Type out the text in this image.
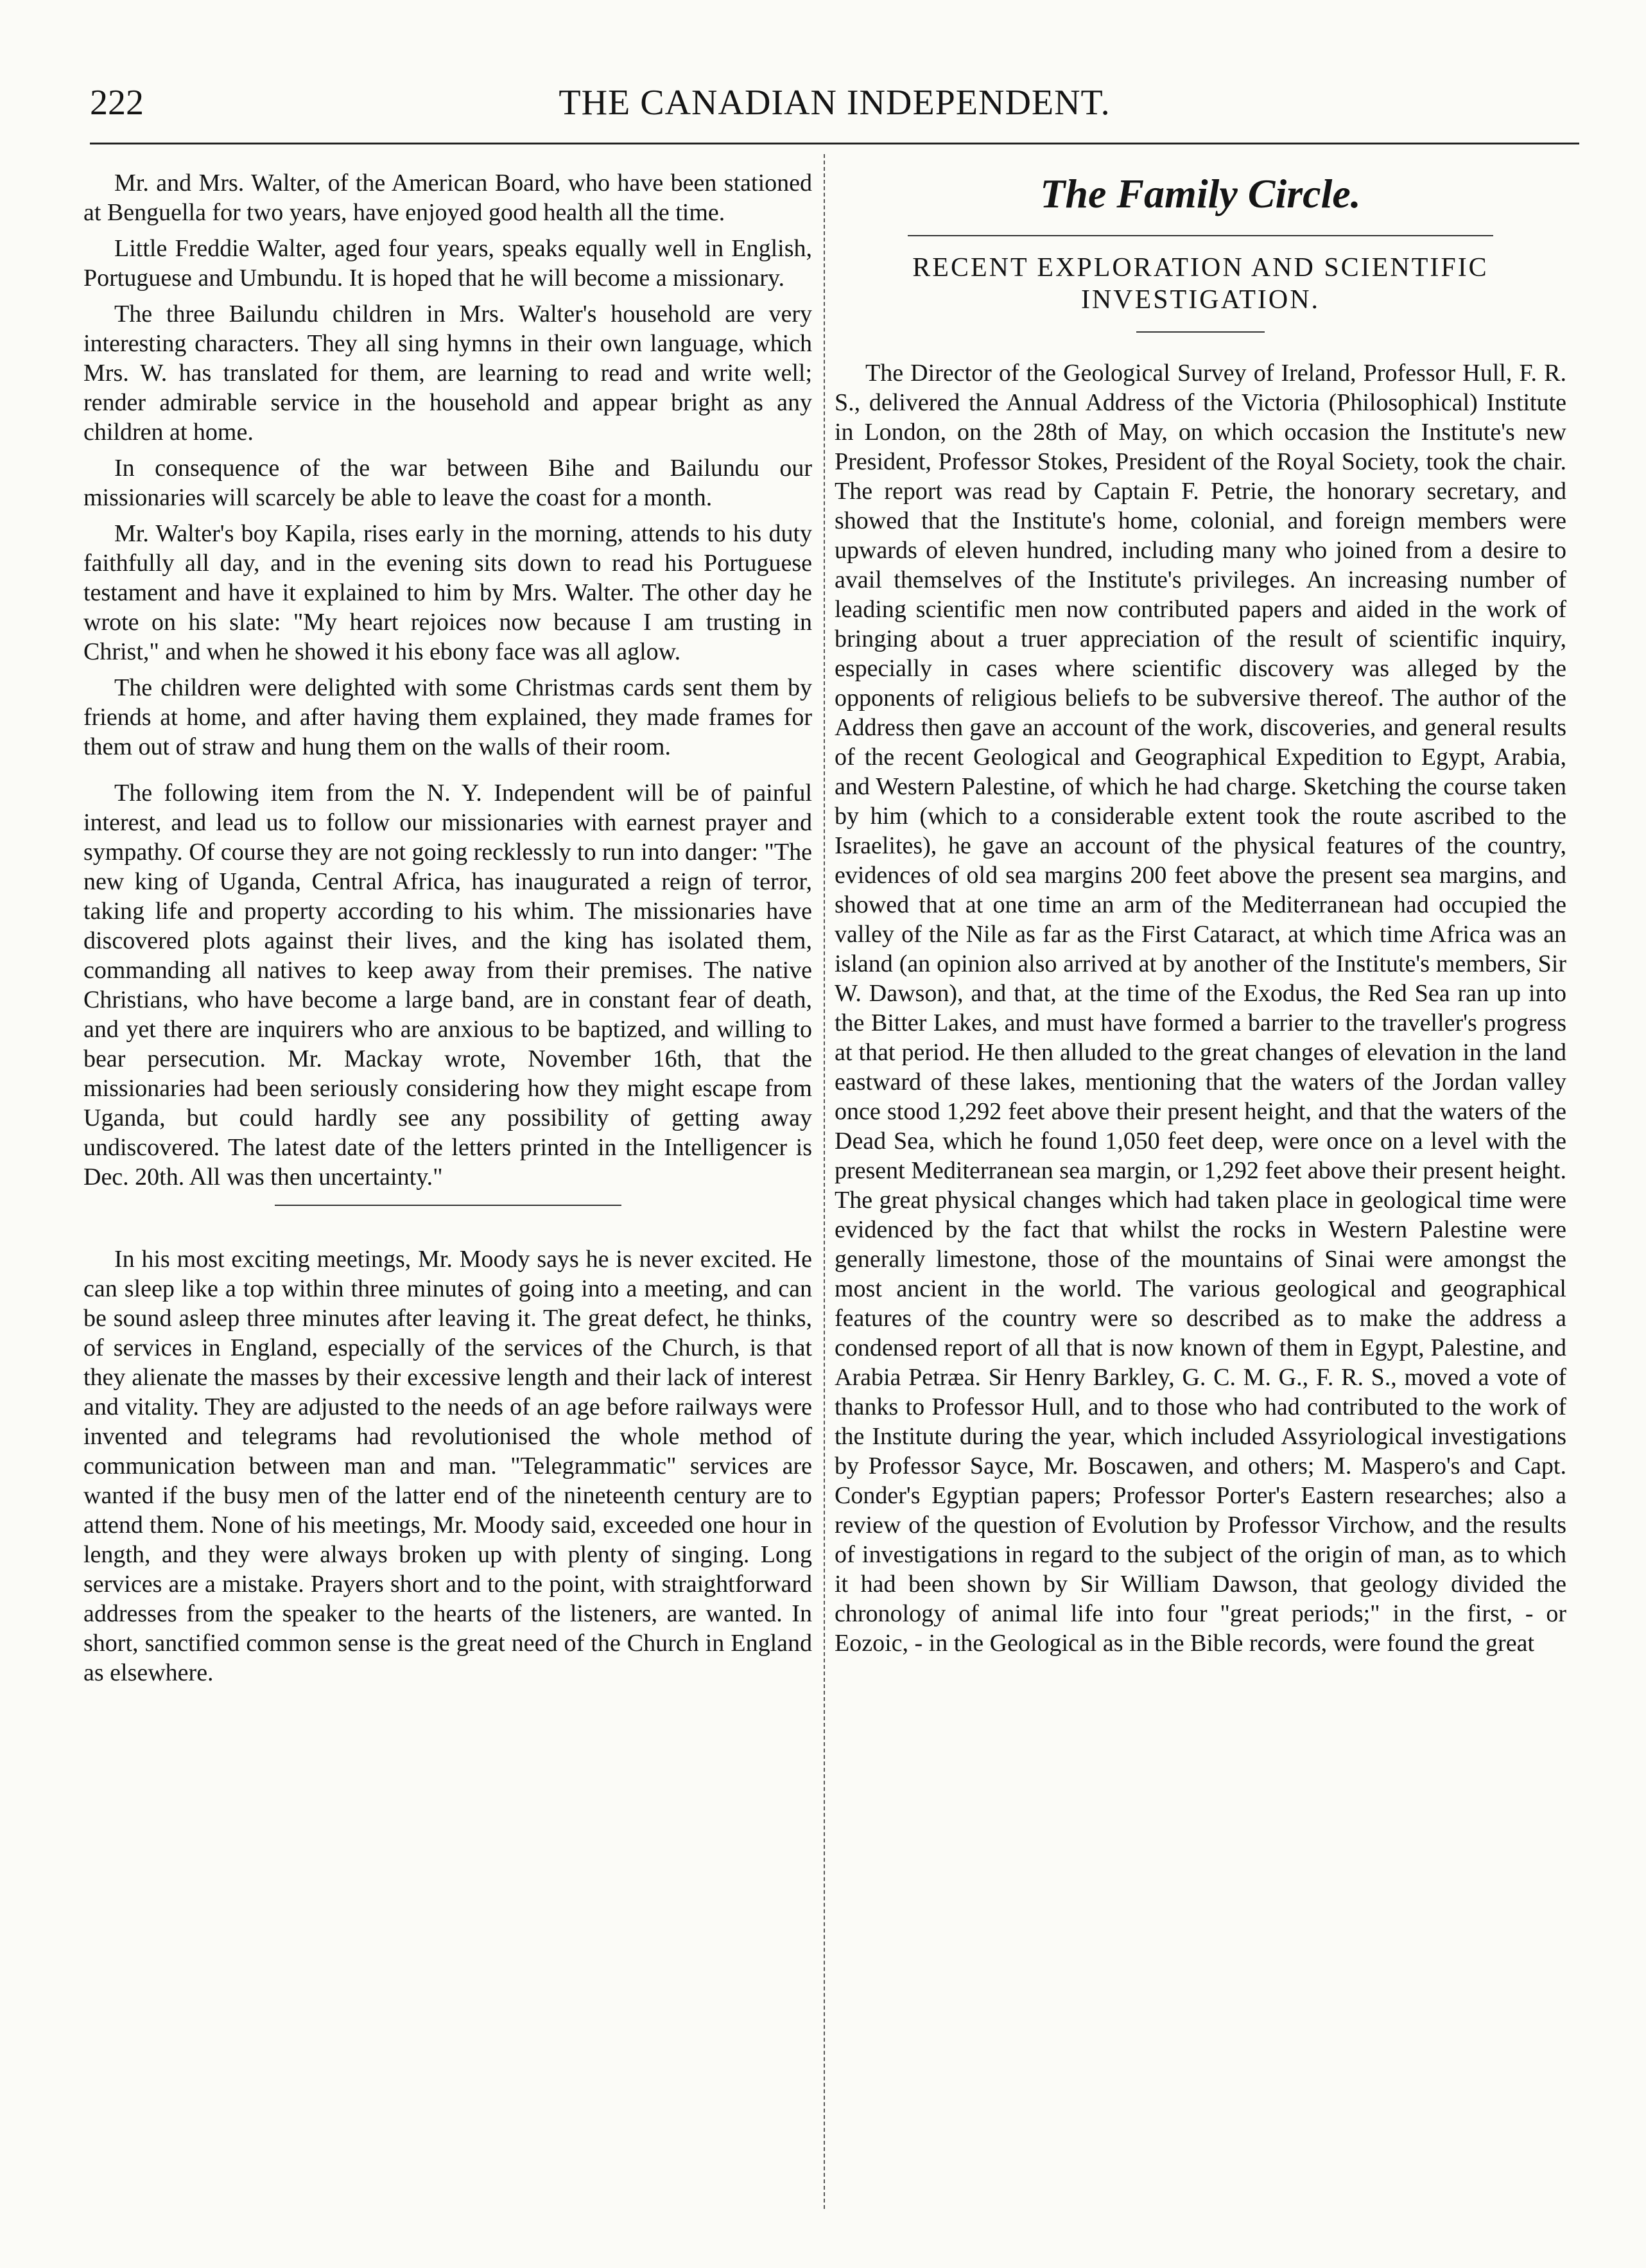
222	THE CANADIAN INDEPENDENT.

Mr. and Mrs. Walter, of the American Board, who have been stationed at Benguella for two years, have enjoyed good health all the time.

Little Freddie Walter, aged four years, speaks equally well in English, Portuguese and Umbundu. It is hoped that he will become a missionary.

The three Bailundu children in Mrs. Walter's household are very interesting characters. They all sing hymns in their own language, which Mrs. W. has translated for them, are learning to read and write well; render admirable service in the household and appear bright as any children at home.

In consequence of the war between Bihe and Bailundu our missionaries will scarcely be able to leave the coast for a month.

Mr. Walter's boy Kapila, rises early in the morning, attends to his duty faithfully all day, and in the evening sits down to read his Portuguese testament and have it explained to him by Mrs. Walter. The other day he wrote on his slate: "My heart rejoices now because I am trusting in Christ," and when he showed it his ebony face was all aglow.

The children were delighted with some Christmas cards sent them by friends at home, and after having them explained, they made frames for them out of straw and hung them on the walls of their room.

The following item from the N. Y. Independent will be of painful interest, and lead us to follow our missionaries with earnest prayer and sympathy. Of course they are not going recklessly to run into danger: "The new king of Uganda, Central Africa, has inaugurated a reign of terror, taking life and property according to his whim. The missionaries have discovered plots against their lives, and the king has isolated them, commanding all natives to keep away from their premises. The native Christians, who have become a large band, are in constant fear of death, and yet there are inquirers who are anxious to be baptized, and willing to bear persecution. Mr. Mackay wrote, November 16th, that the missionaries had been seriously considering how they might escape from Uganda, but could hardly see any possibility of getting away undiscovered. The latest date of the letters printed in the Intelligencer is Dec. 20th. All was then uncertainty."

In his most exciting meetings, Mr. Moody says he is never excited. He can sleep like a top within three minutes of going into a meeting, and can be sound asleep three minutes after leaving it. The great defect, he thinks, of services in England, especially of the services of the Church, is that they alienate the masses by their excessive length and their lack of interest and vitality. They are adjusted to the needs of an age before railways were invented and telegrams had revolutionised the whole method of communication between man and man. "Telegrammatic" services are wanted if the busy men of the latter end of the nineteenth century are to attend them. None of his meetings, Mr. Moody said, exceeded one hour in length, and they were always broken up with plenty of singing. Long services are a mistake. Prayers short and to the point, with straightforward addresses from the speaker to the hearts of the listeners, are wanted. In short, sanctified common sense is the great need of the Church in England as elsewhere.

The Family Circle.
RECENT EXPLORATION AND SCIENTIFIC INVESTIGATION.

The Director of the Geological Survey of Ireland, Professor Hull, F. R. S., delivered the Annual Address of the Victoria (Philosophical) Institute in London, on the 28th of May, on which occasion the Institute's new President, Professor Stokes, President of the Royal Society, took the chair. The report was read by Captain F. Petrie, the honorary secretary, and showed that the Institute's home, colonial, and foreign members were upwards of eleven hundred, including many who joined from a desire to avail themselves of the Institute's privileges. An increasing number of leading scientific men now contributed papers and aided in the work of bringing about a truer appreciation of the result of scientific inquiry, especially in cases where scientific discovery was alleged by the opponents of religious beliefs to be subversive thereof. The author of the Address then gave an account of the work, discoveries, and general results of the recent Geological and Geographical Expedition to Egypt, Arabia, and Western Palestine, of which he had charge. Sketching the course taken by him (which to a considerable extent took the route ascribed to the Israelites), he gave an account of the physical features of the country, evidences of old sea margins 200 feet above the present sea margins, and showed that at one time an arm of the Mediterranean had occupied the valley of the Nile as far as the First Cataract, at which time Africa was an island (an opinion also arrived at by another of the Institute's members, Sir W. Dawson), and that, at the time of the Exodus, the Red Sea ran up into the Bitter Lakes, and must have formed a barrier to the traveller's progress at that period. He then alluded to the great changes of elevation in the land eastward of these lakes, mentioning that the waters of the Jordan valley once stood 1,292 feet above their present height, and that the waters of the Dead Sea, which he found 1,050 feet deep, were once on a level with the present Mediterranean sea margin, or 1,292 feet above their present height. The great physical changes which had taken place in geological time were evidenced by the fact that whilst the rocks in Western Palestine were generally limestone, those of the mountains of Sinai were amongst the most ancient in the world. The various geological and geographical features of the country were so described as to make the address a condensed report of all that is now known of them in Egypt, Palestine, and Arabia Petræa. Sir Henry Barkley, G. C. M. G., F. R. S., moved a vote of thanks to Professor Hull, and to those who had contributed to the work of the Institute during the year, which included Assyriological investigations by Professor Sayce, Mr. Boscawen, and others; M. Maspero's and Capt. Conder's Egyptian papers; Professor Porter's Eastern researches; also a review of the question of Evolution by Professor Virchow, and the results of investigations in regard to the subject of the origin of man, as to which it had been shown by Sir William Dawson, that geology divided the chronology of animal life into four "great periods;" in the first, - or Eozoic, - in the Geological as in the Bible records, were found the great
